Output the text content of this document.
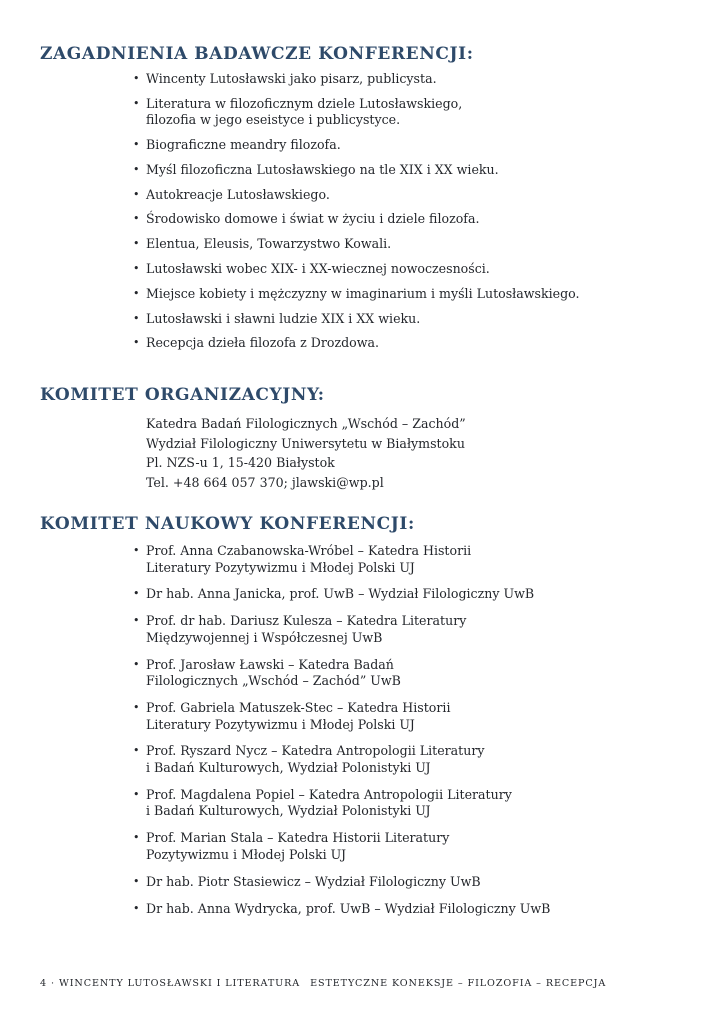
ZAGADNIENIA BADAWCZE KONFERENCJI:
• Wincenty Lutosławski jako pisarz, publicysta.
• Literatura w filozoficznym dziele Lutosławskiego,
filozofia w jego eseistyce i publicystyce.
• Biograficzne meandry filozofa.
• Myśl filozoficzna Lutosławskiego na tle XIX i XX wieku.
• Autokreacje Lutosławskiego.
• Środowisko domowe i świat w życiu i dziele filozofa.
• Elentua, Eleusis, Towarzystwo Kowali.
• Lutosławski wobec XIX- i XX-wiecznej nowoczesności.
• Miejsce kobiety i mężczyzny w imaginarium i myśli Lutosławskiego.
• Lutosławski i sławni ludzie XIX i XX wieku.
• Recepcja dzieła filozofa z Drozdowa.
KOMITET ORGANIZACYJNY:

Katedra Badań Filologicznych „Wschód – Zachód”
Wydział Filologiczny Uniwersytetu w Białymstoku
Pl. NZS-u 1, 15-420 Białystok
Tel. +48 664 057 370; jlawski@wp.pl

KOMITET NAUKOWY KONFERENCJI:
• Prof. Anna Czabanowska-Wróbel – Katedra Historii
Literatury Pozytywizmu i Młodej Polski UJ
• Dr hab. Anna Janicka, prof. UwB – Wydział Filologiczny UwB
• Prof. dr hab. Dariusz Kulesza – Katedra Literatury
Międzywojennej i Współczesnej UwB
• Prof. Jarosław Ławski – Katedra Badań
Filologicznych „Wschód – Zachód” UwB
• Prof. Gabriela Matuszek-Stec – Katedra Historii
Literatury Pozytywizmu i Młodej Polski UJ
• Prof. Ryszard Nycz – Katedra Antropologii Literatury
i Badań Kulturowych, Wydział Polonistyki UJ
• Prof. Magdalena Popiel – Katedra Antropologii Literatury
i Badań Kulturowych, Wydział Polonistyki UJ
• Prof. Marian Stala – Katedra Historii Literatury
Pozytywizmu i Młodej Polski UJ
• Dr hab. Piotr Stasiewicz – Wydział Filologiczny UwB
• Dr hab. Anna Wydrycka, prof. UwB – Wydział Filologiczny UwB
4 · WINCENTY LUTOSŁAWSKI I LITERATURA ESTETYCZNE KONEKSJE – FILOZOFIA – RECEPCJA
